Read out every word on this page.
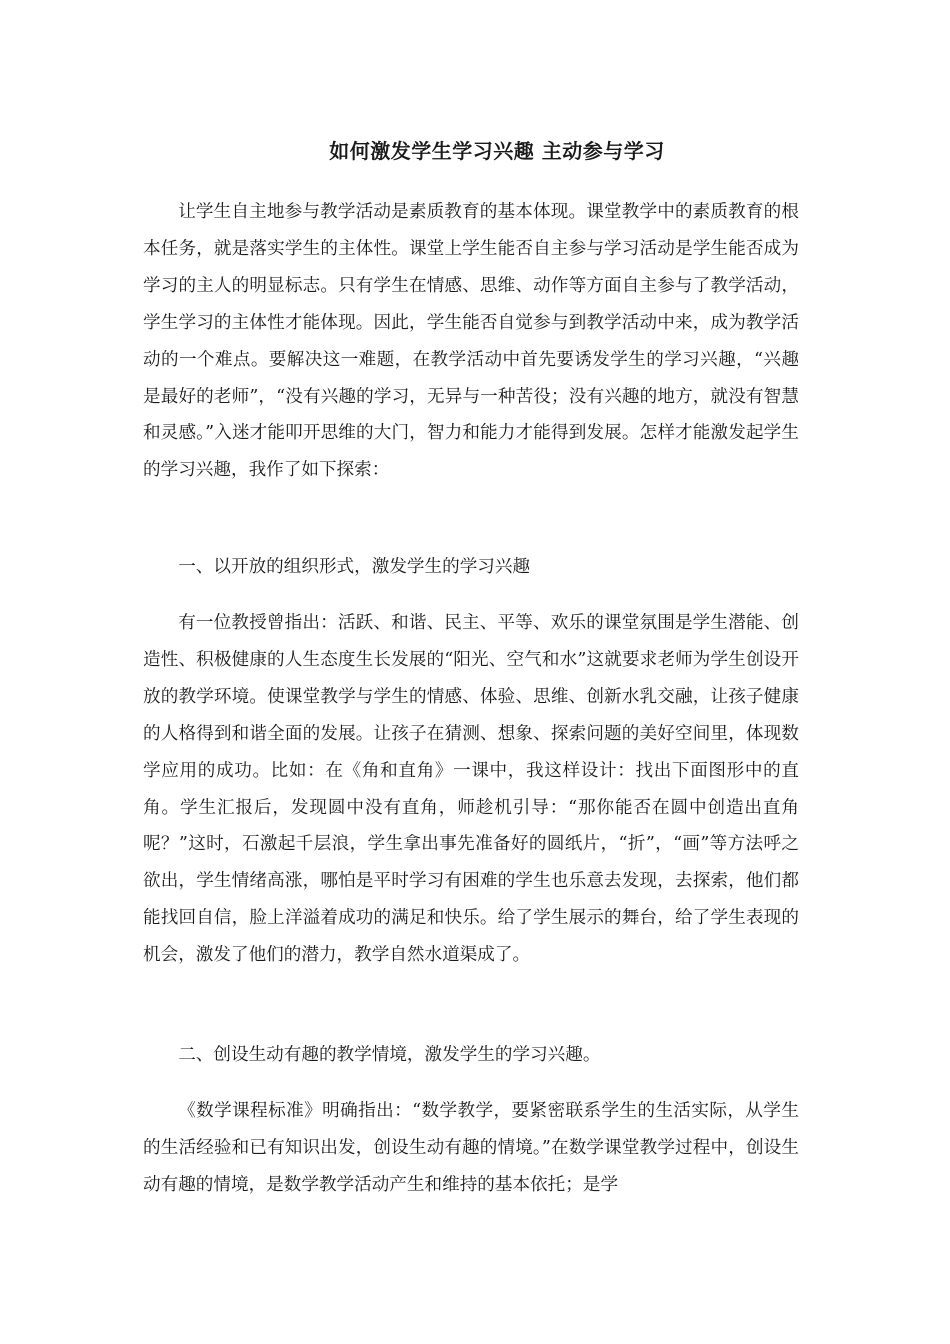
如何激发学生学习兴趣 主动参与学习

让学生自主地参与教学活动是素质教育的基本体现。课堂教学中的素质教育的根本任务，就是落实学生的主体性。课堂上学生能否自主参与学习活动是学生能否成为学习的主人的明显标志。只有学生在情感、思维、动作等方面自主参与了教学活动，学生学习的主体性才能体现。因此，学生能否自觉参与到教学活动中来，成为教学活动的一个难点。要解决这一难题，在教学活动中首先要诱发学生的学习兴趣，“兴趣是最好的老师”，“没有兴趣的学习，无异与一种苦役；没有兴趣的地方，就没有智慧和灵感。”入迷才能叩开思维的大门，智力和能力才能得到发展。怎样才能激发起学生的学习兴趣，我作了如下探索：

一、以开放的组织形式，激发学生的学习兴趣

有一位教授曾指出：活跃、和谐、民主、平等、欢乐的课堂氛围是学生潜能、创造性、积极健康的人生态度生长发展的“阳光、空气和水”这就要求老师为学生创设开放的教学环境。使课堂教学与学生的情感、体验、思维、创新水乳交融，让孩子健康的人格得到和谐全面的发展。让孩子在猜测、想象、探索问题的美好空间里，体现数学应用的成功。比如：在《角和直角》一课中，我这样设计：找出下面图形中的直角。学生汇报后，发现圆中没有直角，师趁机引导：“那你能否在圆中创造出直角呢？”这时，石激起千层浪，学生拿出事先准备好的圆纸片，“折”，“画”等方法呼之欲出，学生情绪高涨，哪怕是平时学习有困难的学生也乐意去发现，去探索，他们都能找回自信，脸上洋溢着成功的满足和快乐。给了学生展示的舞台，给了学生表现的机会，激发了他们的潜力，教学自然水道渠成了。

二、创设生动有趣的教学情境，激发学生的学习兴趣。

《数学课程标准》明确指出：“数学教学，要紧密联系学生的生活实际，从学生的生活经验和已有知识出发，创设生动有趣的情境。”在数学课堂教学过程中，创设生动有趣的情境，是数学教学活动产生和维持的基本依托；是学
